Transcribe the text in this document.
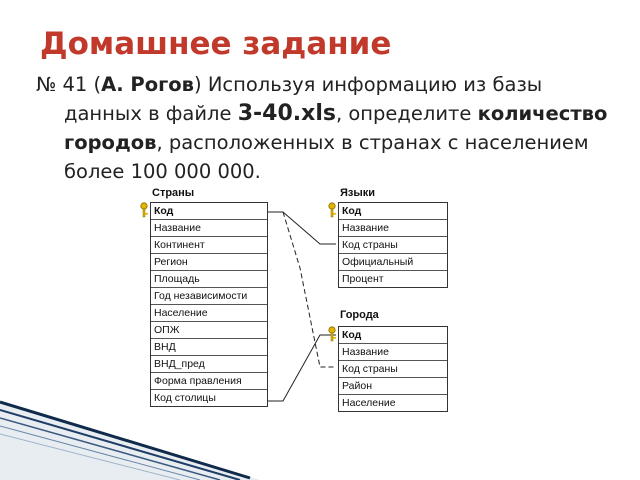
Домашнее задание

№ 41 (А. Рогов) Используя информацию из базы данных в файле 3-40.xls, определите количество городов, расположенных в странах с населением более 100 000 000.

Страны
Код
Название
Континент
Регион
Площадь
Год независимости
Население
ОПЖ
ВНД
ВНД_пред
Форма правления
Код столицы
Языки
Код
Название
Код страны
Официальный
Процент
Города
Код
Название
Код страны
Район
Население
